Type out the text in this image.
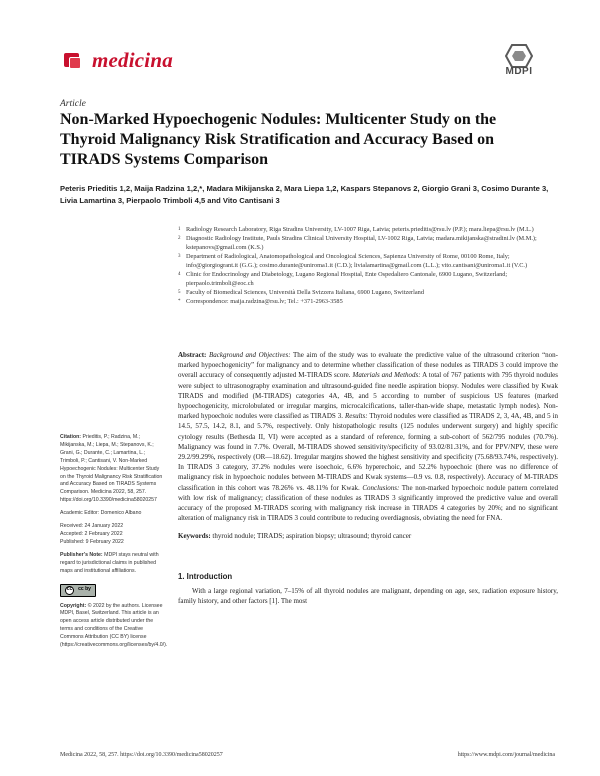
medicina	MDPI
Article
Non-Marked Hypoechogenic Nodules: Multicenter Study on the Thyroid Malignancy Risk Stratification and Accuracy Based on TIRADS Systems Comparison
Peteris Prieditis 1,2, Maija Radzina 1,2,*, Madara Mikijanska 2, Mara Liepa 1,2, Kaspars Stepanovs 2, Giorgio Grani 3, Cosimo Durante 3, Livia Lamartina 3, Pierpaolo Trimboli 4,5 and Vito Cantisani 3
1 Radiology Research Laboratory, Riga Stradins University, LV-1007 Riga, Latvia; peteris.prieditis@rsu.lv (P.P.); mara.liepa@rsu.lv (M.L.)
2 Diagnostic Radiology Institute, Pauls Stradins Clinical University Hospital, LV-1002 Riga, Latvia; madara.mikijanska@stradini.lv (M.M.); kstepanovs@gmail.com (K.S.)
3 Department of Radiological, Anatomopathological and Oncological Sciences, Sapienza University of Rome, 00100 Rome, Italy; info@giorgiogrant.it (G.G.); cosimo.durante@uniroma1.it (C.D.); livialamartina@gmail.com (L.L.); vito.cantisani@uniroma1.it (V.C.)
4 Clinic for Endocrinology and Diabetology, Lugano Regional Hospital, Ente Ospedaliero Cantonale, 6900 Lugano, Switzerland; pierpaolo.trimboli@eoc.ch
5 Faculty of Biomedical Sciences, Università Della Svizzera Italiana, 6900 Lugano, Switzerland
* Correspondence: maija.radzina@rsu.lv; Tel.: +371-2963-3585
Citation: Prieditis, P.; Radzina, M.; Mikijanska, M.; Liepa, M.; Stepanovs, K.; Grani, G.; Durante, C.; Lamartina, L.; Trimboli, P.; Cantisani, V. Non-Marked Hypoechogenic Nodules: Multicenter Study on the Thyroid Malignancy Risk Stratification and Accuracy Based on TIRADS Systems Comparison. Medicina 2022, 58, 257. https://doi.org/10.3390/medicina58020257
Academic Editor: Domenico Albano
Received: 24 January 2022
Accepted: 2 February 2022
Published: 9 February 2022
Publisher’s Note: MDPI stays neutral with regard to jurisdictional claims in published maps and institutional affiliations.
cc	cc by
Copyright: © 2022 by the authors. Licensee MDPI, Basel, Switzerland. This article is an open access article distributed under the terms and conditions of the Creative Commons Attribution (CC BY) license (https://creativecommons.org/licenses/by/4.0/).

Abstract: Background and Objectives: The aim of the study was to evaluate the predictive value of the ultrasound criterion “non-marked hypoechogenicity” for malignancy and to determine whether classification of these nodules as TIRADS 3 could improve the overall accuracy of consequently adjusted M-TIRADS score. Materials and Methods: A total of 767 patients with 795 thyroid nodules were subject to ultrasonography examination and ultrasound-guided fine needle aspiration biopsy. Nodules were classified by Kwak TIRADS and modified (M-TIRADS) categories 4A, 4B, and 5 according to number of suspicious US features (marked hypoechogenicity, microlobulated or irregular margins, microcalcifications, taller-than-wide shape, metastatic lymph nodes). Non-marked hypoechoic nodules were classified as TIRADS 3. Results: Thyroid nodules were classified as TIRADS 2, 3, 4A, 4B, and 5 in 14.5, 57.5, 14.2, 8.1, and 5.7%, respectively. Only histopathologic results (125 nodules underwent surgery) and highly specific cytology results (Bethesda II, VI) were accepted as a standard of reference, forming a sub-cohort of 562/795 nodules (70.7%). Malignancy was found in 7.7%. Overall, M-TIRADS showed sensitivity/specificity of 93.02/81.31%, and for PPV/NPV, these were 29.2/99.29%, respectively (OR—18.62). Irregular margins showed the highest sensitivity and specificity (75.68/93.74%, respectively). In TIRADS 3 category, 37.2% nodules were isoechoic, 6.6% hyperechoic, and 52.2% hypoechoic (there was no difference of malignancy risk in hypoechoic nodules between M-TIRADS and Kwak systems—0.9 vs. 0.8, respectively). Accuracy of M-TIRADS classification in this cohort was 78.26% vs. 48.11% for Kwak. Conclusions: The non-marked hypoechoic nodule pattern correlated with low risk of malignancy; classification of these nodules as TIRADS 3 significantly improved the predictive value and overall accuracy of the proposed M-TIRADS scoring with malignancy risk increase in TIRADS 4 categories by 20%; and no significant alteration of malignancy risk in TIRADS 3 could contribute to reducing overdiagnosis, obviating the need for FNA.

Keywords: thyroid nodule; TIRADS; aspiration biopsy; ultrasound; thyroid cancer

1. Introduction

With a large regional variation, 7–15% of all thyroid nodules are malignant, depending on age, sex, radiation exposure history, family history, and other factors [1]. The most

Medicina 2022, 58, 257. https://doi.org/10.3390/medicina58020257	https://www.mdpi.com/journal/medicina
